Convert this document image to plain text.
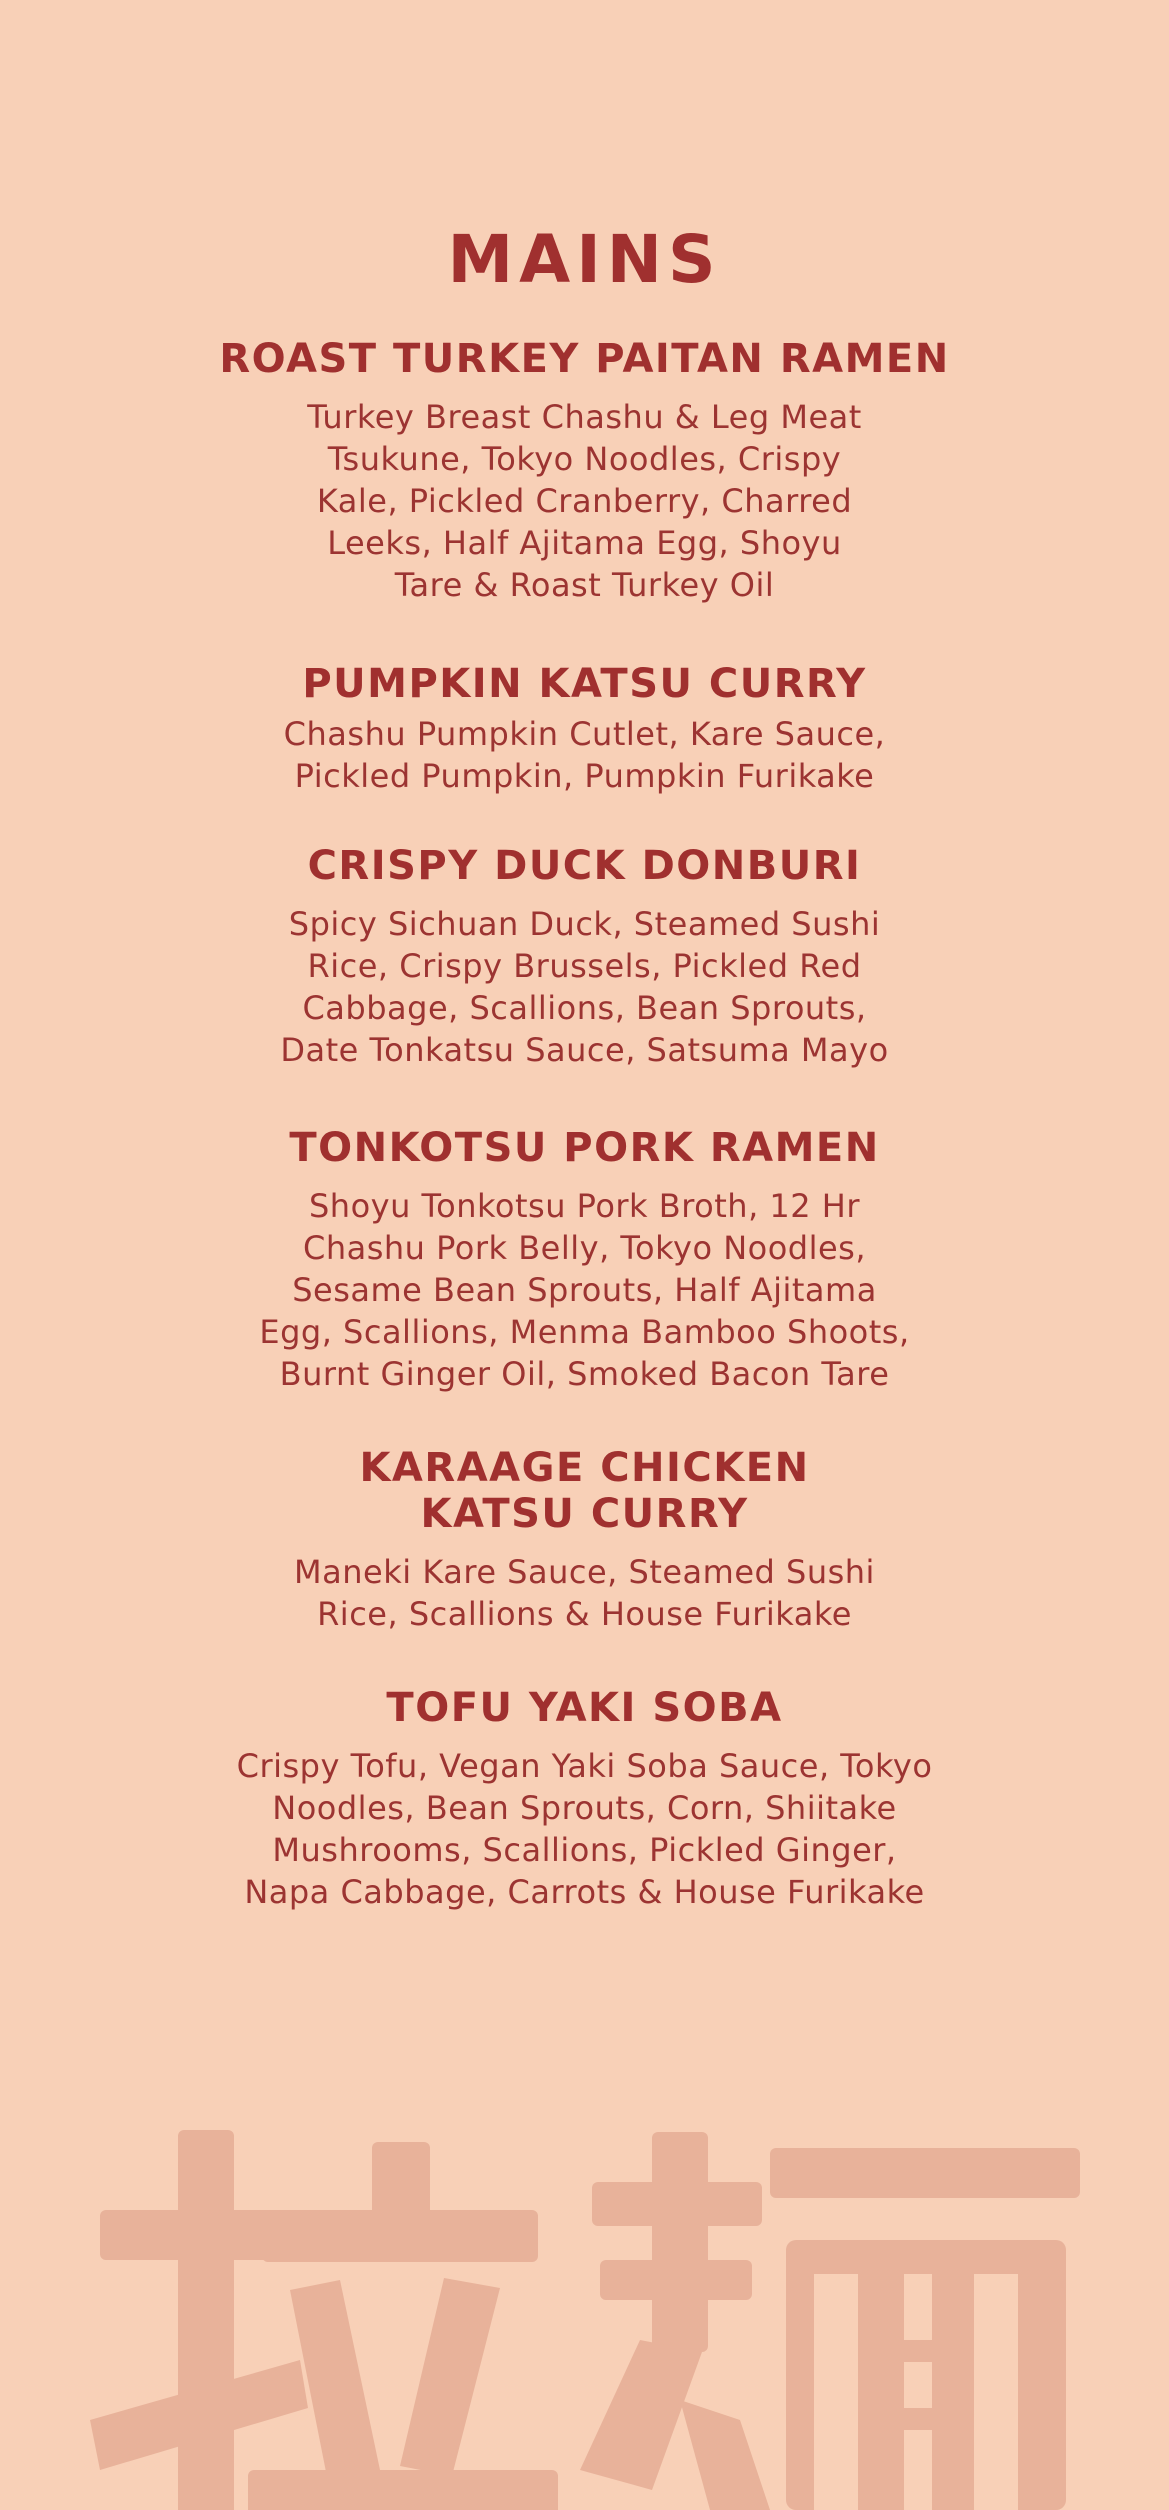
MAINS
ROAST TURKEY PAITAN RAMEN

Turkey Breast Chashu & Leg Meat
Tsukune, Tokyo Noodles, Crispy
Kale, Pickled Cranberry, Charred
Leeks, Half Ajitama Egg, Shoyu
Tare & Roast Turkey Oil

PUMPKIN KATSU CURRY

Chashu Pumpkin Cutlet, Kare Sauce,
Pickled Pumpkin, Pumpkin Furikake

CRISPY DUCK DONBURI

Spicy Sichuan Duck, Steamed Sushi
Rice, Crispy Brussels, Pickled Red
Cabbage, Scallions, Bean Sprouts,
Date Tonkatsu Sauce, Satsuma Mayo

TONKOTSU PORK RAMEN

Shoyu Tonkotsu Pork Broth, 12 Hr
Chashu Pork Belly, Tokyo Noodles,
Sesame Bean Sprouts, Half Ajitama
Egg, Scallions, Menma Bamboo Shoots,
Burnt Ginger Oil, Smoked Bacon Tare

KARAAGE CHICKEN
KATSU CURRY

Maneki Kare Sauce, Steamed Sushi
Rice, Scallions & House Furikake

TOFU YAKI SOBA

Crispy Tofu, Vegan Yaki Soba Sauce, Tokyo
Noodles, Bean Sprouts, Corn, Shiitake
Mushrooms, Scallions, Pickled Ginger,
Napa Cabbage, Carrots & House Furikake
